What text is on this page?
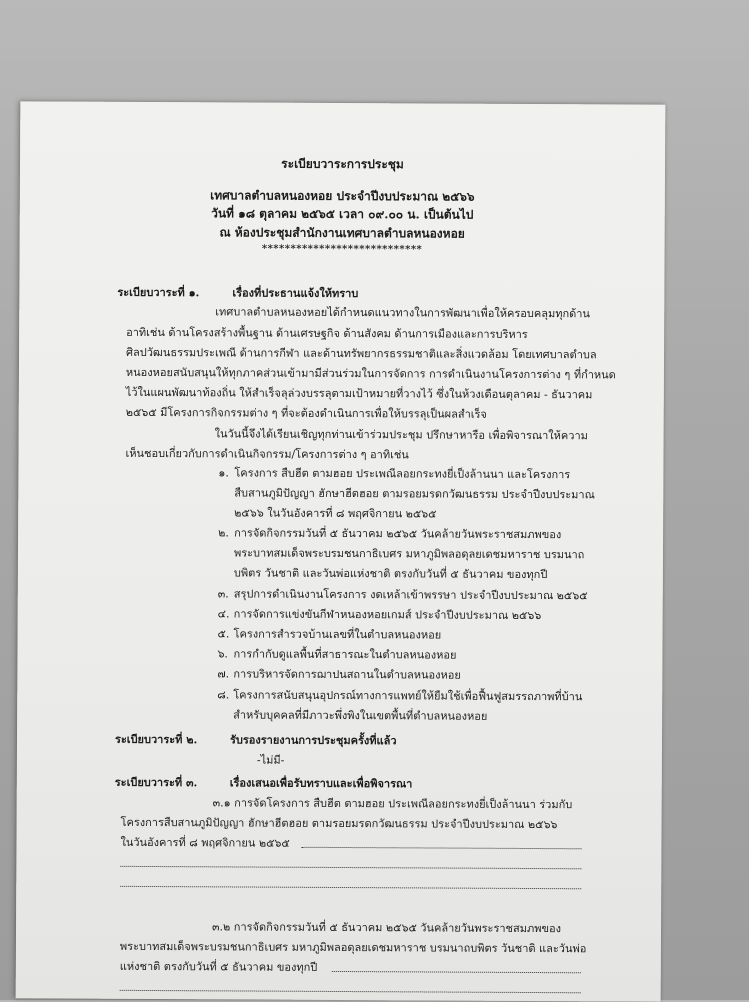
ระเบียบวาระการประชุม
เทศบาลตำบลหนองหอย ประจำปีงบประมาณ ๒๕๖๖
วันที่ ๑๘ ตุลาคม ๒๕๖๕ เวลา ๐๙.๐๐ น. เป็นต้นไป
ณ ห้องประชุมสำนักงานเทศบาลตำบลหนองหอย
****************************
ระเบียบวาระที่ ๑.	เรื่องที่ประธานแจ้งให้ทราบ
เทศบาลตำบลหนองหอยได้กำหนดแนวทางในการพัฒนาเพื่อให้ครอบคลุมทุกด้าน
อาทิเช่น ด้านโครงสร้างพื้นฐาน ด้านเศรษฐกิจ ด้านสังคม ด้านการเมืองและการบริหาร
ศิลปวัฒนธรรมประเพณี ด้านการกีฬา และด้านทรัพยากรธรรมชาติและสิ่งแวดล้อม โดยเทศบาลตำบล
หนองหอยสนับสนุนให้ทุกภาคส่วนเข้ามามีส่วนร่วมในการจัดการ การดำเนินงานโครงการต่าง ๆ ที่กำหนด
ไว้ในแผนพัฒนาท้องถิ่น ให้สำเร็จลุล่วงบรรลุตามเป้าหมายที่วางไว้ ซึ่งในห้วงเดือนตุลาคม - ธันวาคม
๒๕๖๕ มีโครงการกิจกรรมต่าง ๆ ที่จะต้องดำเนินการเพื่อให้บรรลุเป็นผลสำเร็จ
ในวันนี้จึงได้เรียนเชิญทุกท่านเข้าร่วมประชุม ปรึกษาหารือ เพื่อพิจารณาให้ความ
เห็นชอบเกี่ยวกับการดำเนินกิจกรรม/โครงการต่าง ๆ อาทิเช่น
๑. โครงการ สืบฮีต ตามฮอย ประเพณีลอยกระทงยี่เป็งล้านนา และโครงการ
สืบสานภูมิปัญญา ฮักษาฮีตฮอย ตามรอยมรดกวัฒนธรรม ประจำปีงบประมาณ
๒๕๖๖ ในวันอังคารที่ ๘ พฤศจิกายน ๒๕๖๕
๒. การจัดกิจกรรมวันที่ ๕ ธันวาคม ๒๕๖๕ วันคล้ายวันพระราชสมภพของ
พระบาทสมเด็จพระบรมชนกาธิเบศร มหาภูมิพลอดุลยเดชมหาราช บรมนาถ
บพิตร วันชาติ และวันพ่อแห่งชาติ ตรงกับวันที่ ๕ ธันวาคม ของทุกปี
๓. สรุปการดำเนินงานโครงการ งดเหล้าเข้าพรรษา ประจำปีงบประมาณ ๒๕๖๕
๔. การจัดการแข่งขันกีฬาหนองหอยเกมส์ ประจำปีงบประมาณ ๒๕๖๖
๕. โครงการสำรวจบ้านเลขที่ในตำบลหนองหอย
๖. การกำกับดูแลพื้นที่สาธารณะในตำบลหนองหอย
๗. การบริหารจัดการฌาปนสถานในตำบลหนองหอย
๘. โครงการสนับสนุนอุปกรณ์ทางการแพทย์ให้ยืมใช้เพื่อฟื้นฟูสมรรถภาพที่บ้าน
สำหรับบุคคลที่มีภาวะพึ่งพิงในเขตพื้นที่ตำบลหนองหอย
ระเบียบวาระที่ ๒.	รับรองรายงานการประชุมครั้งที่แล้ว
-ไม่มี-
ระเบียบวาระที่ ๓.	เรื่องเสนอเพื่อรับทราบและเพื่อพิจารณา
๓.๑ การจัดโครงการ สืบฮีต ตามฮอย ประเพณีลอยกระทงยี่เป็งล้านนา ร่วมกับ
โครงการสืบสานภูมิปัญญา ฮักษาฮีตฮอย ตามรอยมรดกวัฒนธรรม ประจำปีงบประมาณ ๒๕๖๖
ในวันอังคารที่ ๘ พฤศจิกายน ๒๕๖๕
๓.๒ การจัดกิจกรรมวันที่ ๕ ธันวาคม ๒๕๖๕ วันคล้ายวันพระราชสมภพของ
พระบาทสมเด็จพระบรมชนกาธิเบศร มหาภูมิพลอดุลยเดชมหาราช บรมนาถบพิตร วันชาติ และวันพ่อ
แห่งชาติ ตรงกับวันที่ ๕ ธันวาคม ของทุกปี
